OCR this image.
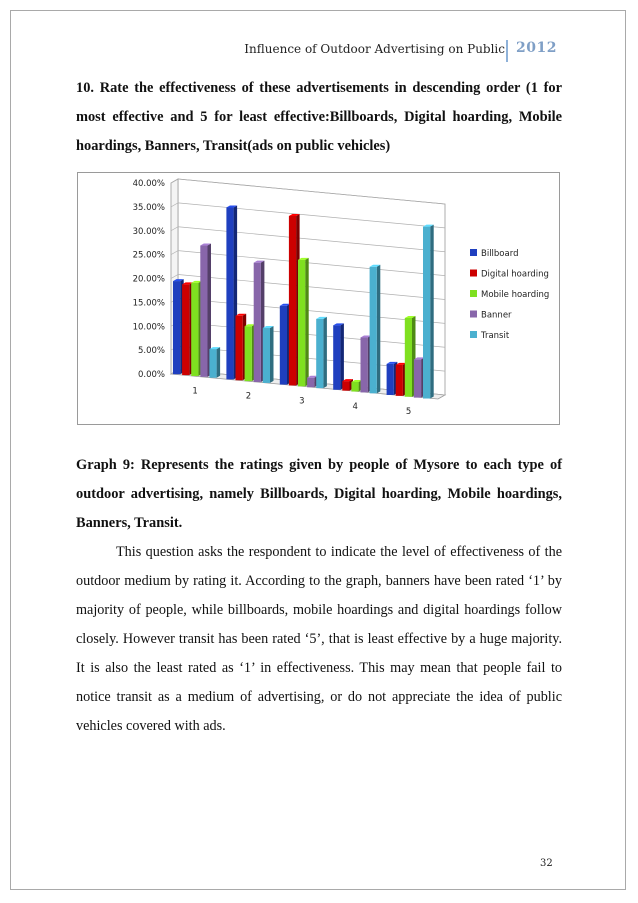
Influence of Outdoor Advertising on Public 2012
10. Rate the effectiveness of these advertisements in descending order (1 for most effective and 5 for least effective:Billboards, Digital hoarding, Mobile hoardings, Banners, Transit(ads on public vehicles)
0.00%
5.00%
10.00%
15.00%
20.00%
25.00%
30.00%
35.00%
40.00%
1
2
3
4
5
Billboard
Digital hoarding
Mobile hoarding
Banner
Transit
Graph 9: Represents the ratings given by people of Mysore to each type of outdoor advertising, namely Billboards, Digital hoarding, Mobile hoardings, Banners, Transit.
This question asks the respondent to indicate the level of effectiveness of the outdoor medium by rating it. According to the graph, banners have been rated ‘1’ by majority of people, while billboards, mobile hoardings and digital hoardings follow closely. However transit has been rated ‘5’, that is least effective by a huge majority. It is also the least rated as ‘1’ in effectiveness. This may mean that people fail to notice transit as a medium of advertising, or do not appreciate the idea of public vehicles covered with ads.
32
